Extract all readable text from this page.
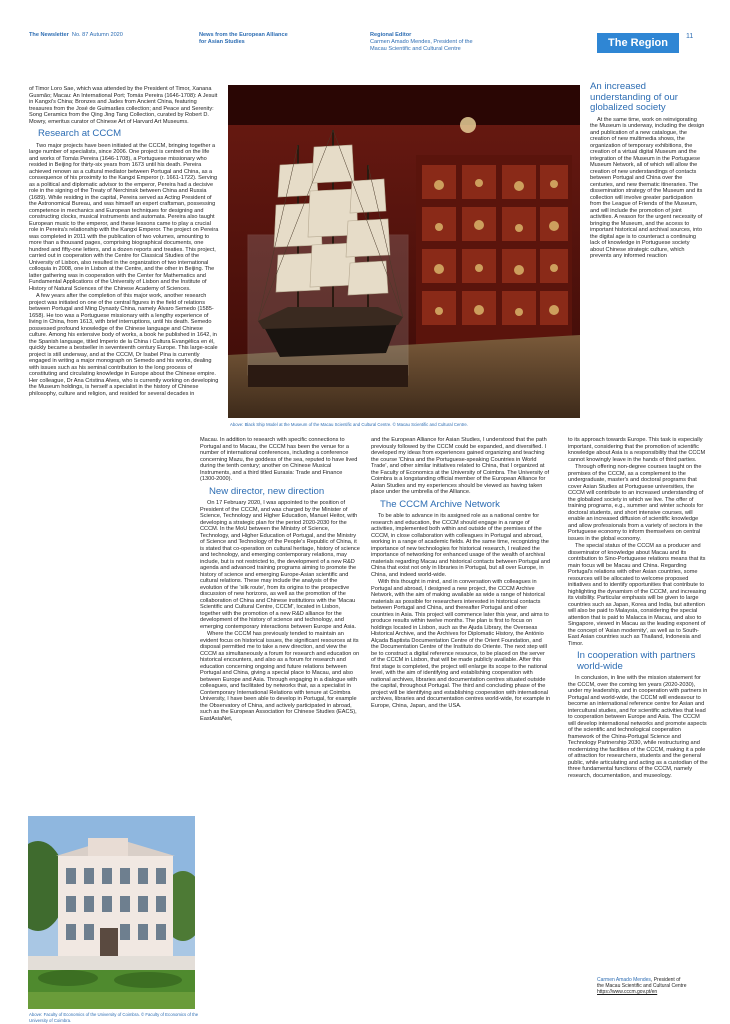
The Newsletter No. 87 Autumn 2020	News from the European Alliance
for Asian Studies
Regional Editor
Carmen Amado Mendes, President of the
Macau Scientific and Cultural Centre	The Region
11

of Timor Loro Sae, which was attended by the President of Timor, Xanana Gusmão; Macau: An International Port; Tomás Pereira (1646-1708): A Jesuit in Kangxi's China; Bronzes and Jades from Ancient China, featuring treasures from the José de Guimarães collection; and Peace and Serenity: Song Ceramics from the Qing Jing Tang Collection, curated by Robert D. Mowry, emeritus curator of Chinese Art of Harvard Art Museums.

Research at CCCM

Two major projects have been initiated at the CCCM, bringing together a large number of specialists, since 2006. One project is centred on the life and works of Tomás Pereira (1646-1708), a Portuguese missionary who resided in Beijing for thirty-six years from 1673 until his death. Pereira achieved renown as a cultural mediator between Portugal and China, as a consequence of his proximity to the Kangxi Emperor (r. 1661-1722). Serving as a political and diplomatic advisor to the emperor, Pereira had a decisive role in the signing of the Treaty of Nerchinsk between China and Russia (1689). While residing in the capital, Pereira served as Acting President of the Astronomical Bureau, and was himself an expert craftsman, possessing competence in mechanics and European techniques for designing and constructing clocks, musical instruments and automata. Pereira also taught European music to the emperor, and these lessons came to play a crucial role in Pereira's relationship with the Kangxi Emperor. The project on Pereira was completed in 2011 with the publication of two volumes, amounting to more than a thousand pages, comprising biographical documents, one hundred and fifty-one letters, and a dozen reports and treaties. This project, carried out in cooperation with the Centre for Classical Studies of the University of Lisbon, also resulted in the organization of two international colloquia in 2008, one in Lisbon at the Centre, and the other in Beijing. The latter gathering was in cooperation with the Center for Mathematics and Fundamental Applications of the University of Lisbon and the Institute of History of Natural Sciences of the Chinese Academy of Sciences.

A few years after the completion of this major work, another research project was initiated on one of the central figures in the field of relations between Portugal and Ming Dynasty China, namely Álvaro Semedo (1585-1658). He too was a Portuguese missionary with a lengthy experience of living in China, from 1613, with brief interruptions, until his death. Semedo possessed profound knowledge of the Chinese language and Chinese culture. Among his extensive body of works, a book he published in 1642, in the Spanish language, titled Imperio de la China i Cultura Evangélica en él, quickly became a bestseller in seventeenth century Europe. This large-scale project is still underway, and at the CCCM, Dr Isabel Pina is currently engaged in writing a major monograph on Semedo and his works, dealing with issues such as his seminal contribution to the long process of constituting and circulating knowledge in Europe about the Chinese empire. Her colleague, Dr Ana Cristina Alves, who is currently working on developing the Museum holdings, is herself a specialist in the history of Chinese philosophy, culture and religion, and resided for several decades in

Above: Black Ship Model at the Museum of the Macau Scientific and Cultural Centre. © Macau Scientific and Cultural Centre.

Macau. In addition to research with specific connections to Portugal and to Macau, the CCCM has been the venue for a number of international conferences, including a conference concerning Mazu, the goddess of the sea, reputed to have lived during the tenth century; another on Chinese Musical Instruments, and a third titled Eurasia: Trade and Finance (1300-2000).

New director, new direction

On 17 February 2020, I was appointed to the position of President of the CCCM, and was charged by the Minister of Science, Technology and Higher Education, Manuel Heitor, with developing a strategic plan for the period 2020-2030 for the CCCM. In the MoU between the Ministry of Science, Technology, and Higher Education of Portugal, and the Ministry of Science and Technology of the People's Republic of China, it is stated that co-operation on cultural heritage, history of science and technology, and emerging contemporary relations, may include, but is not restricted to, the development of a new R&D agenda and advanced training programs aiming to promote the history of science and emerging Europe-Asian scientific and cultural relations. These may include the analysis of the evolution of the 'silk route', from its origins to the prospective discussion of new horizons, as well as the promotion of the collaboration of China and Chinese institutions with the 'Macau Scientific and Cultural Centre, CCCM', located in Lisbon, together with the promotion of a new R&D alliance for the development of the history of science and technology, and emerging contemporary interactions between Europe and Asia.

Where the CCCM has previously tended to maintain an evident focus on historical issues, the significant resources at its disposal permitted me to take a new direction, and view the CCCM as simultaneously a forum for research and education on historical encounters, and also as a forum for research and education concerning ongoing and future relations between Portugal and China, giving a special place to Macau, and also between Europe and Asia. Through engaging in a dialogue with colleagues, and facilitated by networks that, as a specialist in Contemporary International Relations with tenure at Coimbra University, I have been able to develop in Portugal, for example the Observatory of China, and actively participated in abroad, such as the European Association for Chinese Studies (EACS), EastAsiaNet,

Above: Faculty of Economics of the University of Coimbra. © Faculty of Economics of the University of Coimbra.

and the European Alliance for Asian Studies, I understood that the path previously followed by the CCCM could be expanded, and diversified. I developed my ideas from experiences gained organizing and teaching the course 'China and the Portuguese-speaking Countries in World Trade', and other similar initiatives related to China, that I organized at the Faculty of Economics at the University of Coimbra. The University of Coimbra is a longstanding official member of the European Alliance for Asian Studies and my experiences should be viewed as having taken place under the umbrella of the Alliance.

The CCCM Archive Network

To be able to advance in its assigned role as a national centre for research and education, the CCCM should engage in a range of activities, implemented both within and outside of the premises of the CCCM, in close collaboration with colleagues in Portugal and abroad, working in a range of academic fields. At the same time, recognizing the importance of new technologies for historical research, I realized the importance of networking for enhanced usage of the wealth of archival materials regarding Macau and historical contacts between Portugal and China that exist not only in libraries in Portugal, but all over Europe, in China, and indeed world-wide.

With this thought in mind, and in conversation with colleagues in Portugal and abroad, I designed a new project, the CCCM Archive Network, with the aim of making available as wide a range of historical materials as possible for researchers interested in historical contacts between Portugal and China, and thereafter Portugal and other countries in Asia. This project will commence later this year, and aims to produce results within twelve months. The plan is first to focus on holdings located in Lisbon, such as the Ajuda Library, the Overseas Historical Archive, and the Archives for Diplomatic History, the António Alçada Baptista Documentation Centre of the Orient Foundation, and the Documentation Centre of the Instituto do Oriente. The next step will be to construct a digital reference resource, to be placed on the server of the CCCM in Lisbon, that will be made publicly available. After this first stage is completed, the project will enlarge its scope to the national level, with the aim of identifying and establishing cooperation with national archives, libraries and documentation centres situated outside the capital, throughout Portugal. The third and concluding phase of the project will be identifying and establishing cooperation with international archives, libraries and documentation centres world-wide, for example in Europe, China, Japan, and the USA.

An increased understanding of our globalized society

At the same time, work on reinvigorating the Museum is underway, including the design and publication of a new catalogue, the creation of new multimedia shows, the organization of temporary exhibitions, the creation of a virtual digital Museum and the integration of the Museum in the Portuguese Museum Network, all of which will allow the creation of new understandings of contacts between Portugal and China over the centuries, and new thematic itineraries. The dissemination strategy of the Museum and its collection will involve greater participation from the League of Friends of the Museum, and will include the promotion of joint activities. A reason for the urgent necessity of bringing the Museum, and the access to important historical and archival sources, into the digital age is to counteract a continuing lack of knowledge in Portuguese society about Chinese strategic culture, which prevents any informed reaction

to its approach towards Europe. This task is especially important, considering that the promotion of scientific knowledge about Asia is a responsibility that the CCCM cannot knowingly leave in the hands of third parties.

Through offering non-degree courses taught on the premises of the CCCM, as a complement to the undergraduate, master's and doctoral programs that cover Asian Studies at Portuguese universities, the CCCM will contribute to an increased understanding of the globalized society in which we live. The offer of training programs, e.g., summer and winter schools for doctoral students, and short intensive courses, will enable an increased diffusion of scientific knowledge and allow professionals from a variety of sectors in the Portuguese economy to inform themselves on central issues in the global economy.

The special status of the CCCM as a producer and disseminator of knowledge about Macau and its contribution to Sino-Portuguese relations means that its main focus will be Macau and China. Regarding Portugal's relations with other Asian countries, some resources will be allocated to welcome proposed initiatives and to identify opportunities that contribute to highlighting the dynamism of the CCCM, and increasing its visibility. Particular emphasis will be given to large countries such as Japan, Korea and India, but attention will also be paid to Malaysia, considering the special attention that is paid to Malacca in Macau, and also to Singapore, viewed in Macau as the leading exponent of the concept of 'Asian modernity', as well as to South-East Asian countries such as Thailand, Indonesia and Timor.

In cooperation with partners world-wide

In conclusion, in line with the mission statement for the CCCM, over the coming ten years (2020-2030), under my leadership, and in cooperation with partners in Portugal and world-wide, the CCCM will endeavour to become an international reference centre for Asian and intercultural studies, and for scientific activities that lead to cooperation between Europe and Asia. The CCCM will develop international networks and promote aspects of the scientific and technological cooperation framework of the China-Portugal Science and Technology Partnership 2030, while restructuring and modernizing the facilities of the CCCM, making it a pole of attraction for researchers, students and the general public, while articulating and acting as a custodian of the three fundamental functions of the CCCM, namely research, documentation, and museology.

Carmen Amado Mendes, President of
the Macau Scientific and Cultural Centre
https://www.cccm.gov.pt/en
